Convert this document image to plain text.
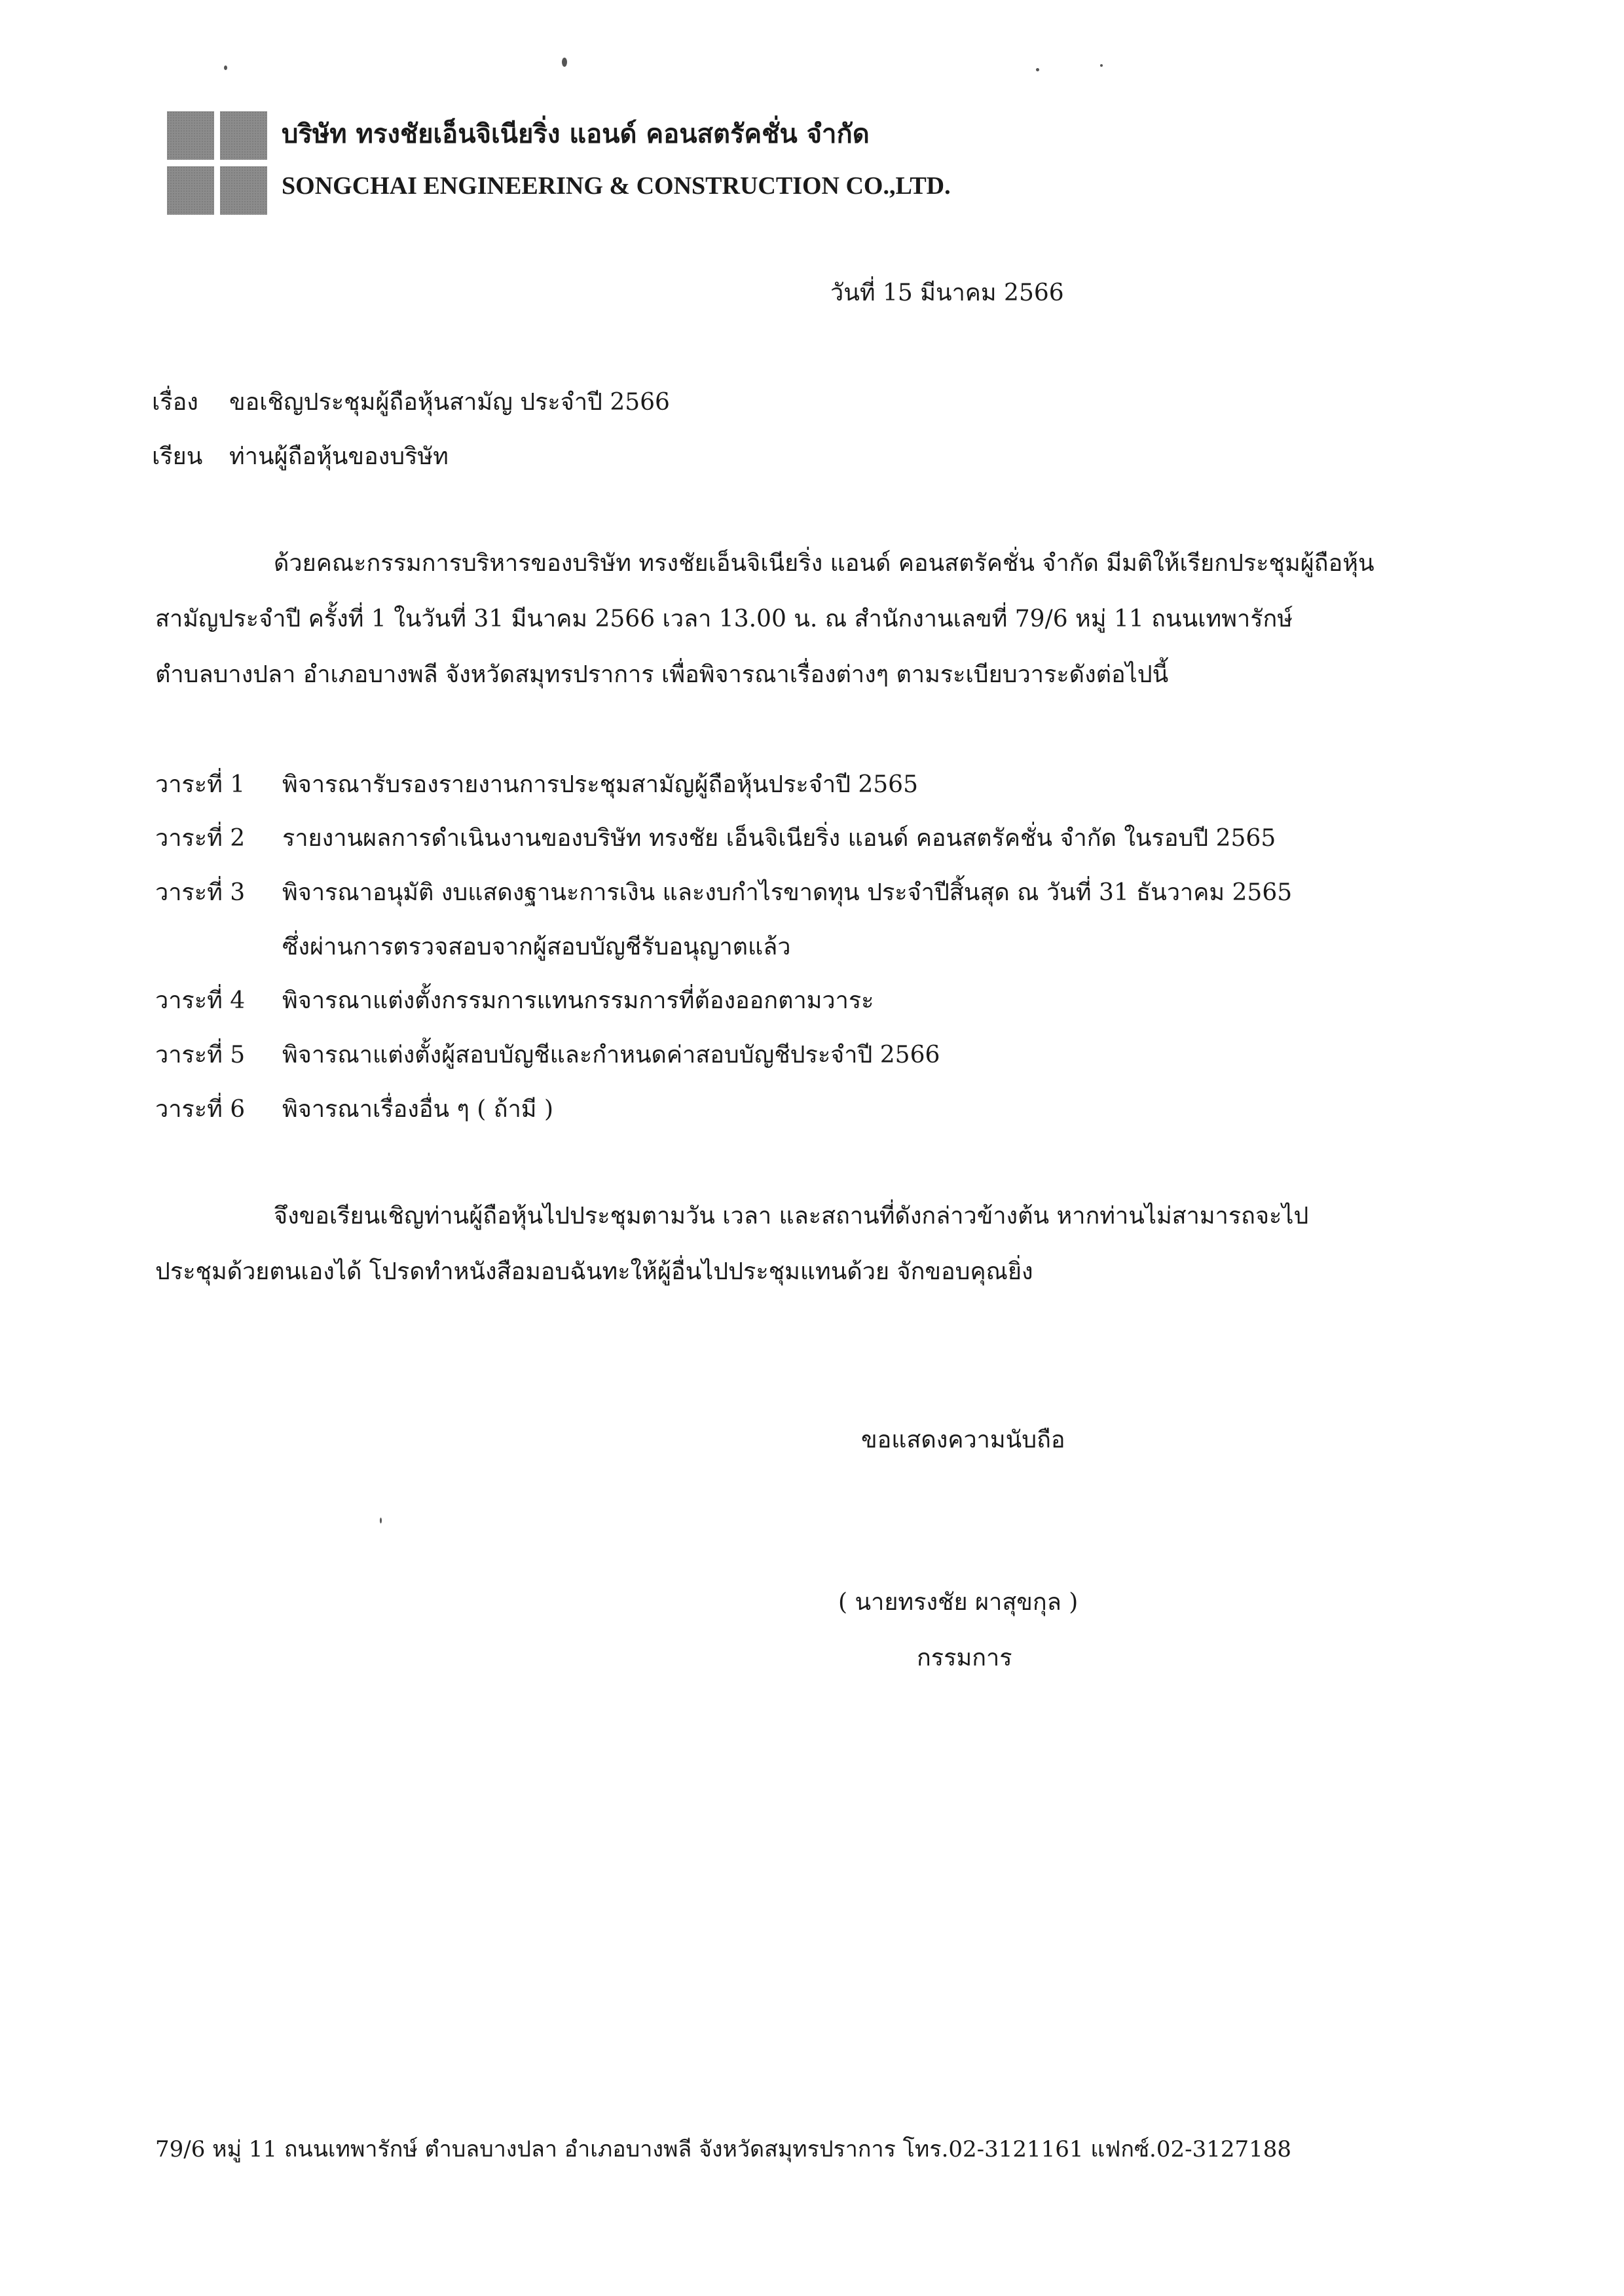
บริษัท ทรงชัยเอ็นจิเนียริ่ง แอนด์ คอนสตรัคชั่น จำกัด
SONGCHAI ENGINEERING & CONSTRUCTION CO.,LTD.
วันที่ 15 มีนาคม 2566
เรื่อง ขอเชิญประชุมผู้ถือหุ้นสามัญ ประจำปี 2566
เรียน ท่านผู้ถือหุ้นของบริษัท
ด้วยคณะกรรมการบริหารของบริษัท ทรงชัยเอ็นจิเนียริ่ง แอนด์ คอนสตรัคชั่น จำกัด มีมติให้เรียกประชุมผู้ถือหุ้น
สามัญประจำปี ครั้งที่ 1 ในวันที่ 31 มีนาคม 2566 เวลา 13.00 น. ณ สำนักงานเลขที่ 79/6 หมู่ 11 ถนนเทพารักษ์
ตำบลบางปลา อำเภอบางพลี จังหวัดสมุทรปราการ เพื่อพิจารณาเรื่องต่างๆ ตามระเบียบวาระดังต่อไปนี้
วาระที่ 1 พิจารณารับรองรายงานการประชุมสามัญผู้ถือหุ้นประจำปี 2565
วาระที่ 2 รายงานผลการดำเนินงานของบริษัท ทรงชัย เอ็นจิเนียริ่ง แอนด์ คอนสตรัคชั่น จำกัด ในรอบปี 2565
วาระที่ 3 พิจารณาอนุมัติ งบแสดงฐานะการเงิน และงบกำไรขาดทุน ประจำปีสิ้นสุด ณ วันที่ 31 ธันวาคม 2565
ซึ่งผ่านการตรวจสอบจากผู้สอบบัญชีรับอนุญาตแล้ว
วาระที่ 4 พิจารณาแต่งตั้งกรรมการแทนกรรมการที่ต้องออกตามวาระ
วาระที่ 5 พิจารณาแต่งตั้งผู้สอบบัญชีและกำหนดค่าสอบบัญชีประจำปี 2566
วาระที่ 6 พิจารณาเรื่องอื่น ๆ ( ถ้ามี )
จึงขอเรียนเชิญท่านผู้ถือหุ้นไปประชุมตามวัน เวลา และสถานที่ดังกล่าวข้างต้น หากท่านไม่สามารถจะไป
ประชุมด้วยตนเองได้ โปรดทำหนังสือมอบฉันทะให้ผู้อื่นไปประชุมแทนด้วย จักขอบคุณยิ่ง
ขอแสดงความนับถือ
( นายทรงชัย ผาสุขกุล )
กรรมการ
79/6 หมู่ 11 ถนนเทพารักษ์ ตำบลบางปลา อำเภอบางพลี จังหวัดสมุทรปราการ โทร.02-3121161 แฟกซ์.02-3127188
